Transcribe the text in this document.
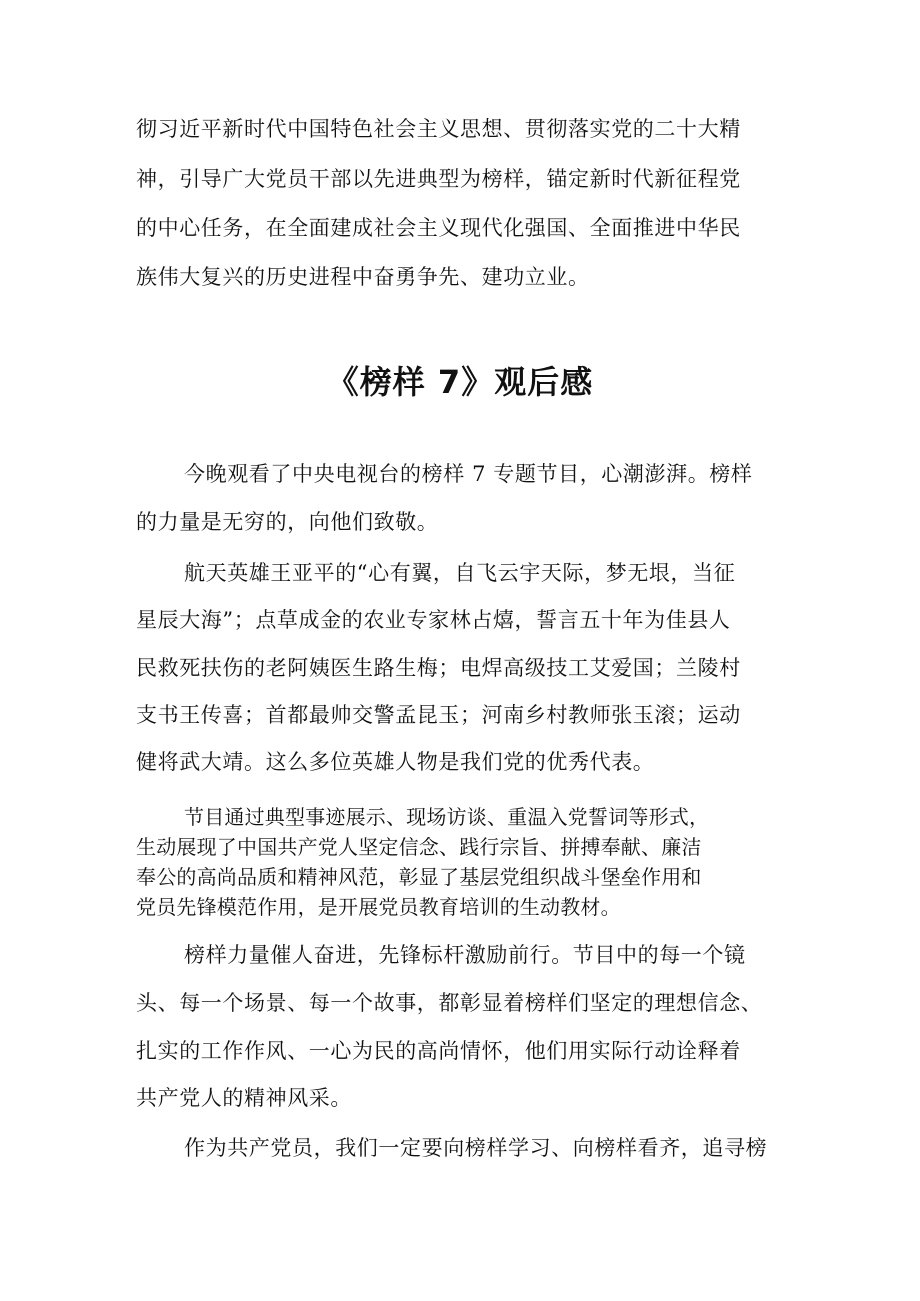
彻习近平新时代中国特色社会主义思想、贯彻落实党的二十大精

神，引导广大党员干部以先进典型为榜样，锚定新时代新征程党

的中心任务，在全面建成社会主义现代化强国、全面推进中华民

族伟大复兴的历史进程中奋勇争先、建功立业。

《榜样 7》观后感

今晚观看了中央电视台的榜样 7 专题节目，心潮澎湃。榜样

的力量是无穷的，向他们致敬。

航天英雄王亚平的“心有翼，自飞云宇天际，梦无垠，当征

星辰大海”；点草成金的农业专家林占熺，誓言五十年为佳县人

民救死扶伤的老阿姨医生路生梅；电焊高级技工艾爱国；兰陵村

支书王传喜；首都最帅交警孟昆玉；河南乡村教师张玉滚；运动

健将武大靖。这么多位英雄人物是我们党的优秀代表。

节目通过典型事迹展示、现场访谈、重温入党誓词等形式，

生动展现了中国共产党人坚定信念、践行宗旨、拼搏奉献、廉洁

奉公的高尚品质和精神风范，彰显了基层党组织战斗堡垒作用和

党员先锋模范作用，是开展党员教育培训的生动教材。

榜样力量催人奋进，先锋标杆激励前行。节目中的每一个镜

头、每一个场景、每一个故事，都彰显着榜样们坚定的理想信念、

扎实的工作作风、一心为民的高尚情怀，他们用实际行动诠释着

共产党人的精神风采。

作为共产党员，我们一定要向榜样学习、向榜样看齐，追寻榜
